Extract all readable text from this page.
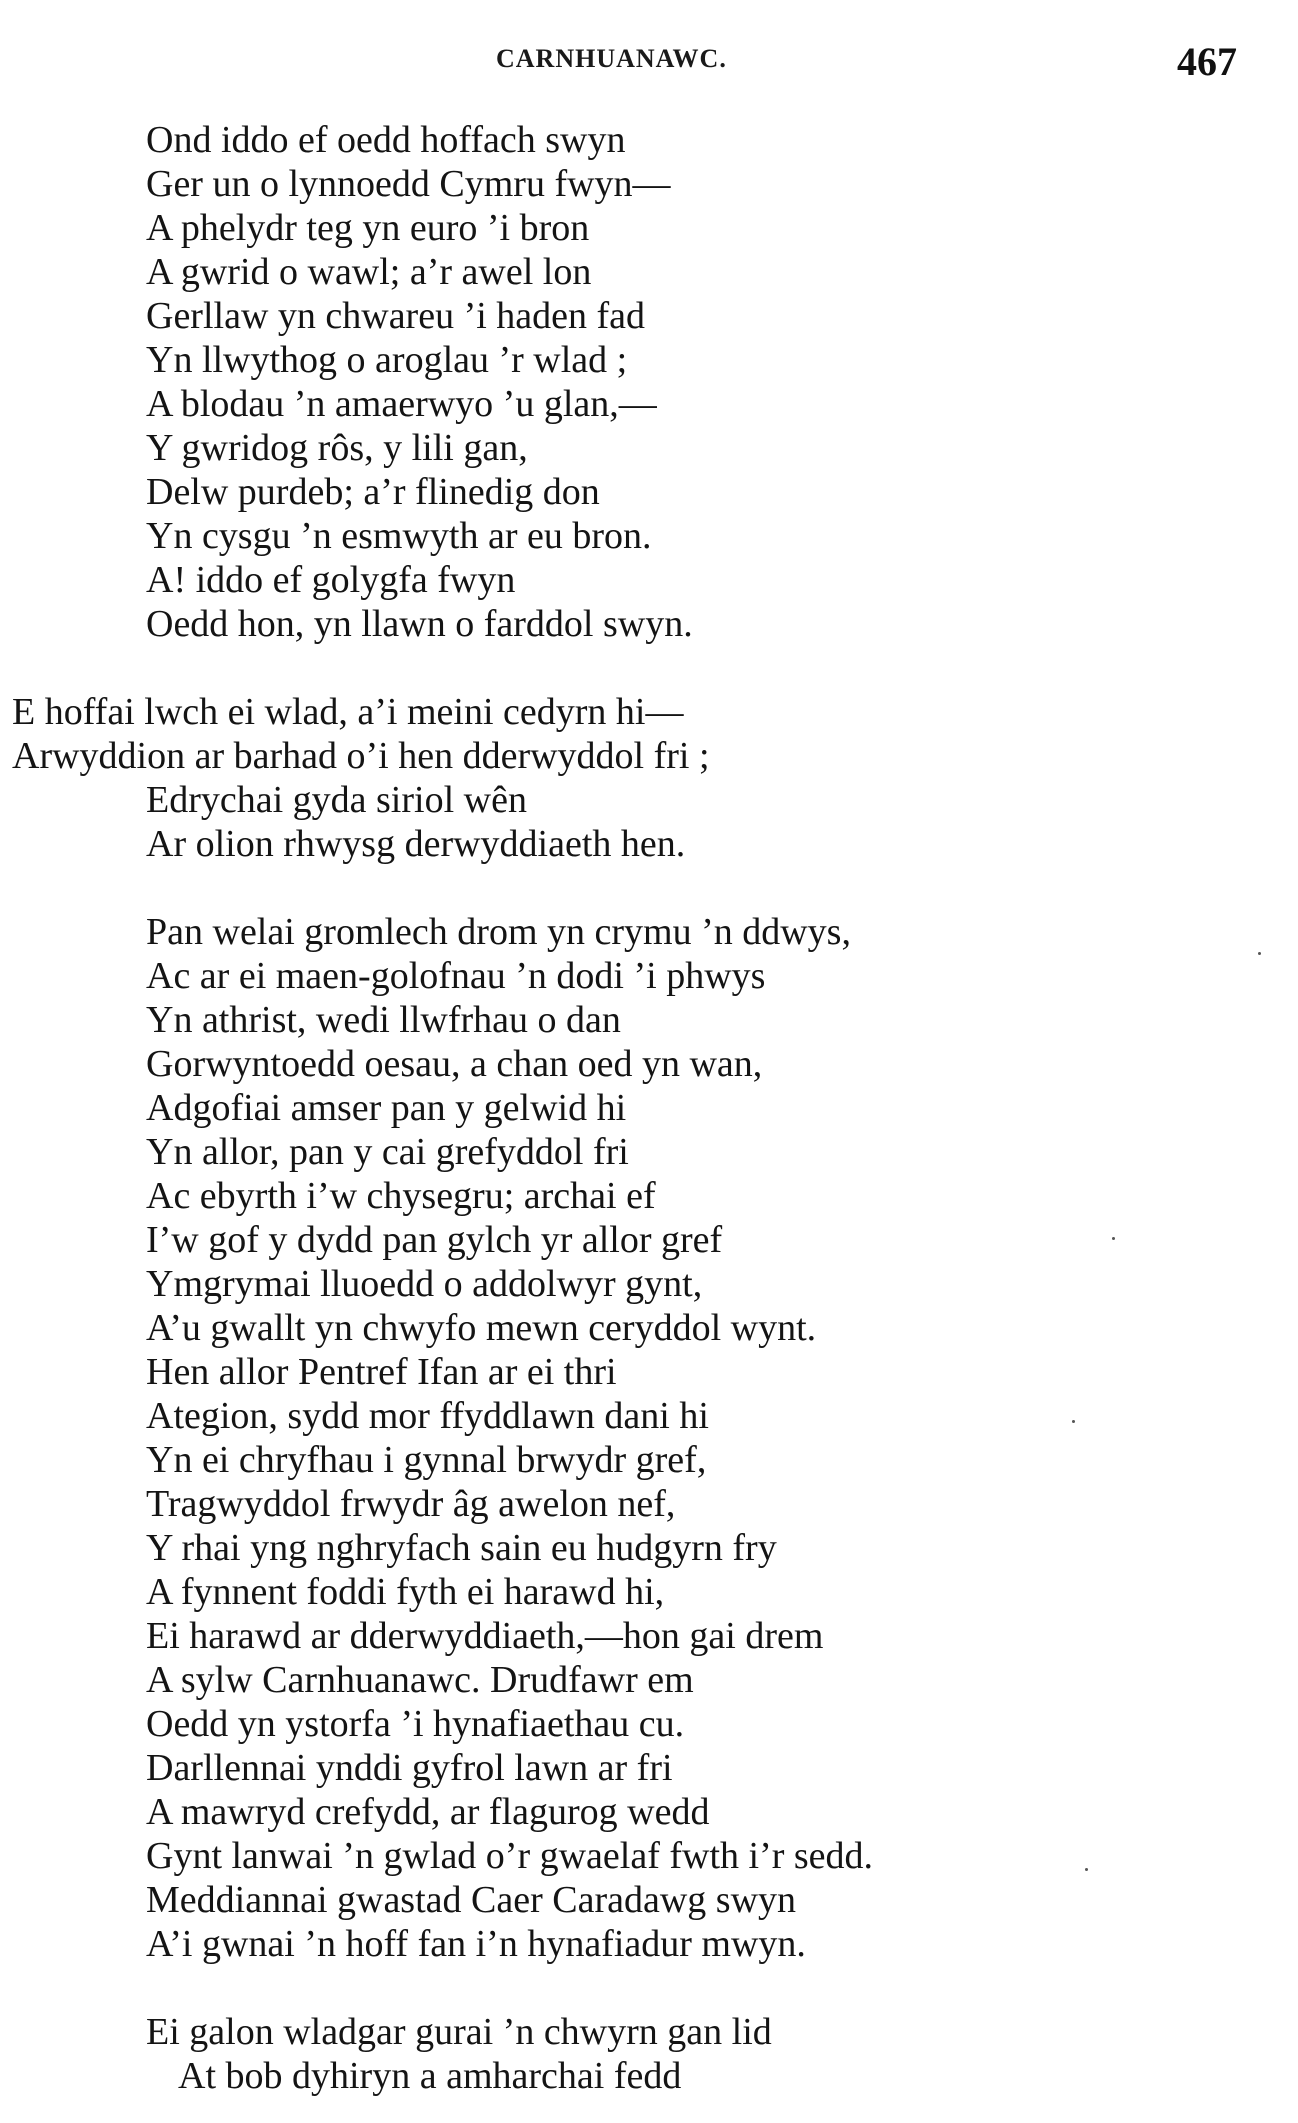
CARNHUANAWC.	467
Ond iddo ef oedd hoffach swyn
Ger un o lynnoedd Cymru fwyn—
A phelydr teg yn euro ’i bron
A gwrid o wawl; a’r awel lon
Gerllaw yn chwareu ’i haden fad
Yn llwythog o aroglau ’r wlad ;
A blodau ’n amaerwyo ’u glan,—
Y gwridog rôs, y lili gan,
Delw purdeb; a’r flinedig don
Yn cysgu ’n esmwyth ar eu bron.
A! iddo ef golygfa fwyn
Oedd hon, yn llawn o farddol swyn.
E hoffai lwch ei wlad, a’i meini cedyrn hi—
Arwyddion ar barhad o’i hen dderwyddol fri ;
Edrychai gyda siriol wên
Ar olion rhwysg derwyddiaeth hen.
Pan welai gromlech drom yn crymu ’n ddwys,
Ac ar ei maen-golofnau ’n dodi ’i phwys
Yn athrist, wedi llwfrhau o dan
Gorwyntoedd oesau, a chan oed yn wan,
Adgofiai amser pan y gelwid hi
Yn allor, pan y cai grefyddol fri
Ac ebyrth i’w chysegru; archai ef
I’w gof y dydd pan gylch yr allor gref
Ymgrymai lluoedd o addolwyr gynt,
A’u gwallt yn chwyfo mewn ceryddol wynt.
Hen allor Pentref Ifan ar ei thri
Ategion, sydd mor ffyddlawn dani hi
Yn ei chryfhau i gynnal brwydr gref,
Tragwyddol frwydr âg awelon nef,
Y rhai yng nghryfach sain eu hudgyrn fry
A fynnent foddi fyth ei harawd hi,
Ei harawd ar dderwyddiaeth,—hon gai drem
A sylw Carnhuanawc. Drudfawr em
Oedd yn ystorfa ’i hynafiaethau cu.
Darllennai ynddi gyfrol lawn ar fri
A mawryd crefydd, ar flagurog wedd
Gynt lanwai ’n gwlad o’r gwaelaf fwth i’r sedd.
Meddiannai gwastad Caer Caradawg swyn
A’i gwnai ’n hoff fan i’n hynafiadur mwyn.
Ei galon wladgar gurai ’n chwyrn gan lid
At bob dyhiryn a amharchai fedd
